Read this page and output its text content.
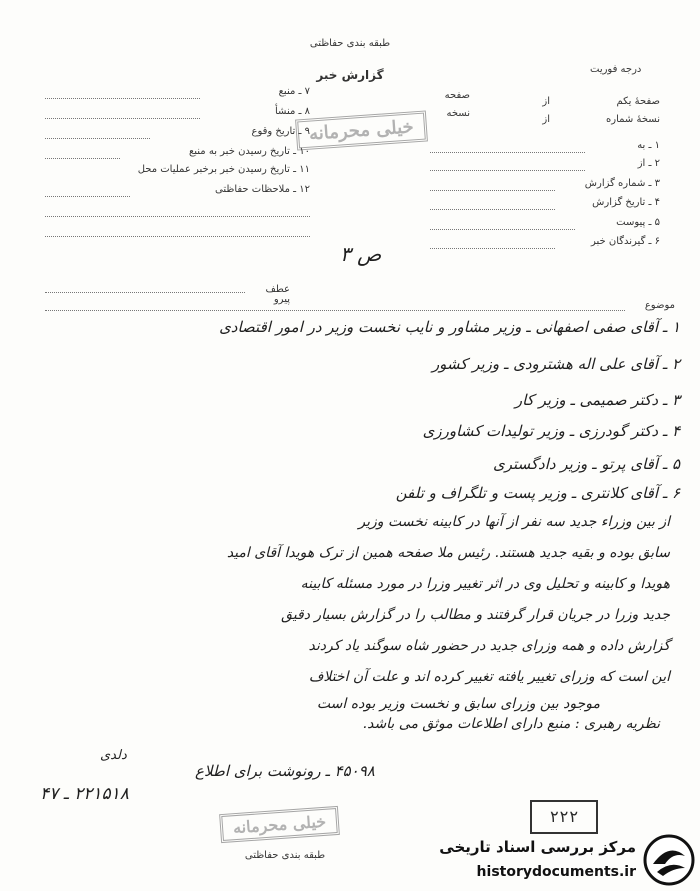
طبقه بندی حفاظتی
درجه فوریت
گزارش خبر
خیلی محرمانه
۷ ـ منبع
۸ ـ منشأ
۹ ـ تاریخ وقوع
۱۰ ـ تاریخ رسیدن خبر به منبع
۱۱ ـ تاریخ رسیدن خبر برخبر عملیات محل
۱۲ ـ ملاحظات حفاظتی
صفحهٔ یکم
از
صفحه
نسخهٔ شماره
از
نسخه
۱ ـ به
۲ ـ از
۳ ـ شماره گزارش
۴ ـ تاریخ گزارش
۵ ـ پیوست
۶ ـ گیرندگان خبر
ص ۳
عطف
پیرو
موضوع
۱ ـ آقای صفی اصفهانی ـ وزیر مشاور و نایب نخست وزیر در امور اقتصادی
۲ ـ آقای علی اله هشترودی ـ وزیر کشور
۳ ـ دکتر صمیمی ـ وزیر کار
۴ ـ دکتر گودرزی ـ وزیر تولیدات کشاورزی
۵ ـ آقای پرتو ـ وزیر دادگستری
۶ ـ آقای کلانتری ـ وزیر پست و تلگراف و تلفن
از بین وزراء جدید سه نفر از آنها در کابینه نخست وزیر
سابق بوده و بقیه جدید هستند. رئیس ملا صفحه همین از ترک هویدا آقای امید
هویدا و کابینه و تحلیل وی در اثر تغییر وزرا در مورد مسئله کابینه
جدید وزرا در جریان قرار گرفتند و مطالب را در گزارش بسیار دقیق
گزارش داده و همه وزرای جدید در حضور شاه سوگند یاد کردند
این است که وزرای تغییر یافته تغییر کرده اند و علت آن اختلاف
موجود بین وزرای سابق و نخست وزیر بوده است
نظریه رهبری : منبع دارای اطلاعات موثق می باشد.
۴۵۰۹۸ ـ رونوشت برای اطلاع
دلدی
۲۲۱۵۱۸ ـ ۴۷
۲۲۲
خیلی محرمانه
طبقه بندی حفاظتی	مرکز بررسی اسناد تاریخی
historydocuments.ir
